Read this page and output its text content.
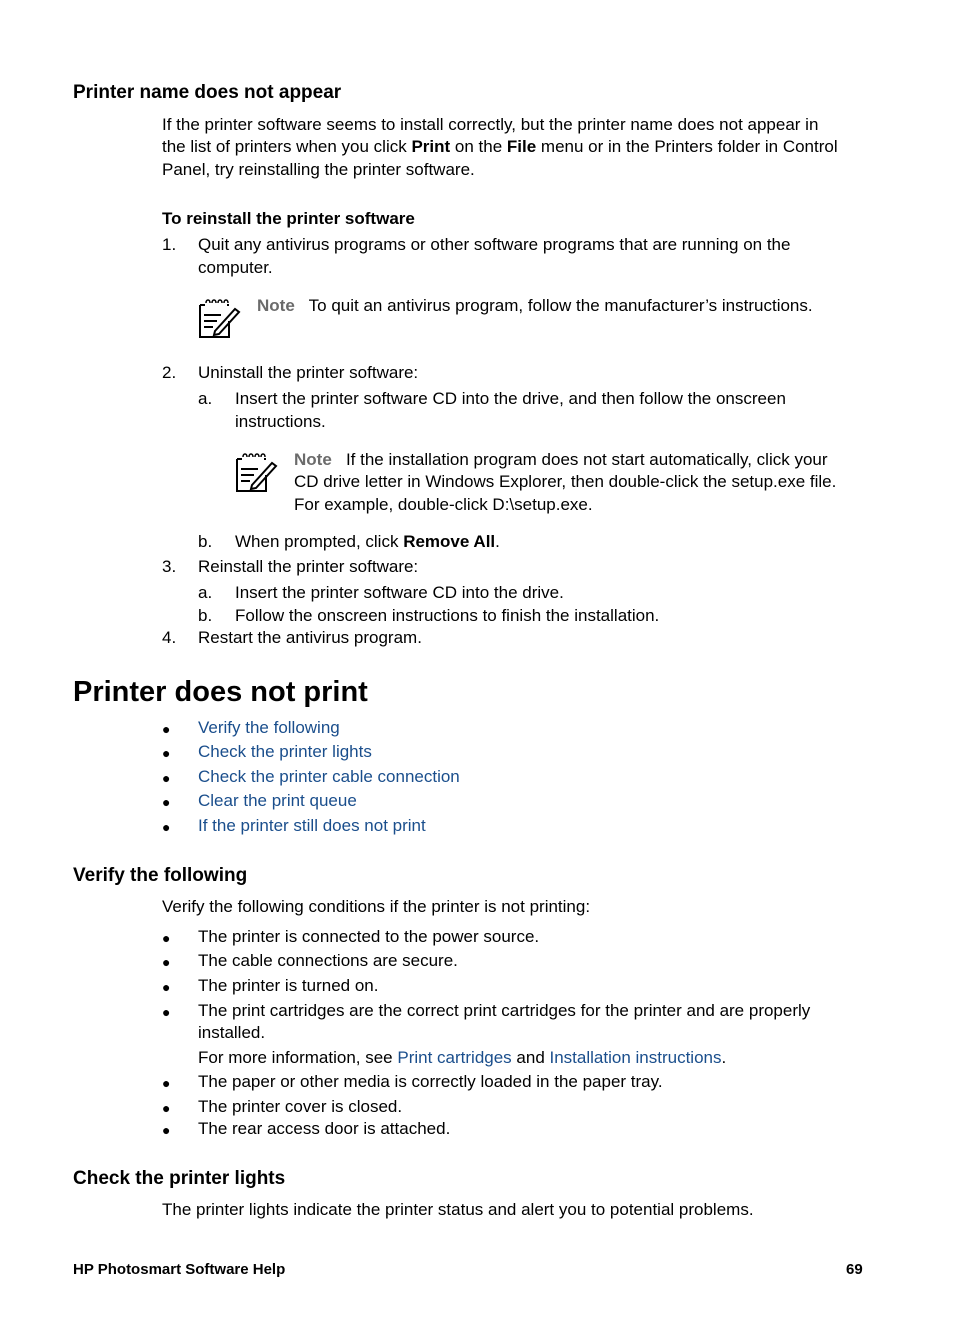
Printer name does not appear
If the printer software seems to install correctly, but the printer name does not appear in
the list of printers when you click Print on the File menu or in the Printers folder in Control
Panel, try reinstalling the printer software.
To reinstall the printer software
1. Quit any antivirus programs or other software programs that are running on the
computer.
Note To quit an antivirus program, follow the manufacturer’s instructions.
2. Uninstall the printer software:
a. Insert the printer software CD into the drive, and then follow the onscreen
instructions.
Note If the installation program does not start automatically, click your
CD drive letter in Windows Explorer, then double-click the setup.exe file.
For example, double-click D:\setup.exe.
b. When prompted, click Remove All.
3. Reinstall the printer software:
a. Insert the printer software CD into the drive.
b. Follow the onscreen instructions to finish the installation.
4. Restart the antivirus program.
Printer does not print
● Verify the following
● Check the printer lights
● Check the printer cable connection
● Clear the print queue
● If the printer still does not print
Verify the following
Verify the following conditions if the printer is not printing:
● The printer is connected to the power source.
● The cable connections are secure.
● The printer is turned on.
● The print cartridges are the correct print cartridges for the printer and are properly
installed.
For more information, see Print cartridges and Installation instructions.
● The paper or other media is correctly loaded in the paper tray.
● The printer cover is closed.
● The rear access door is attached.
Check the printer lights
The printer lights indicate the printer status and alert you to potential problems.
HP Photosmart Software Help	69
